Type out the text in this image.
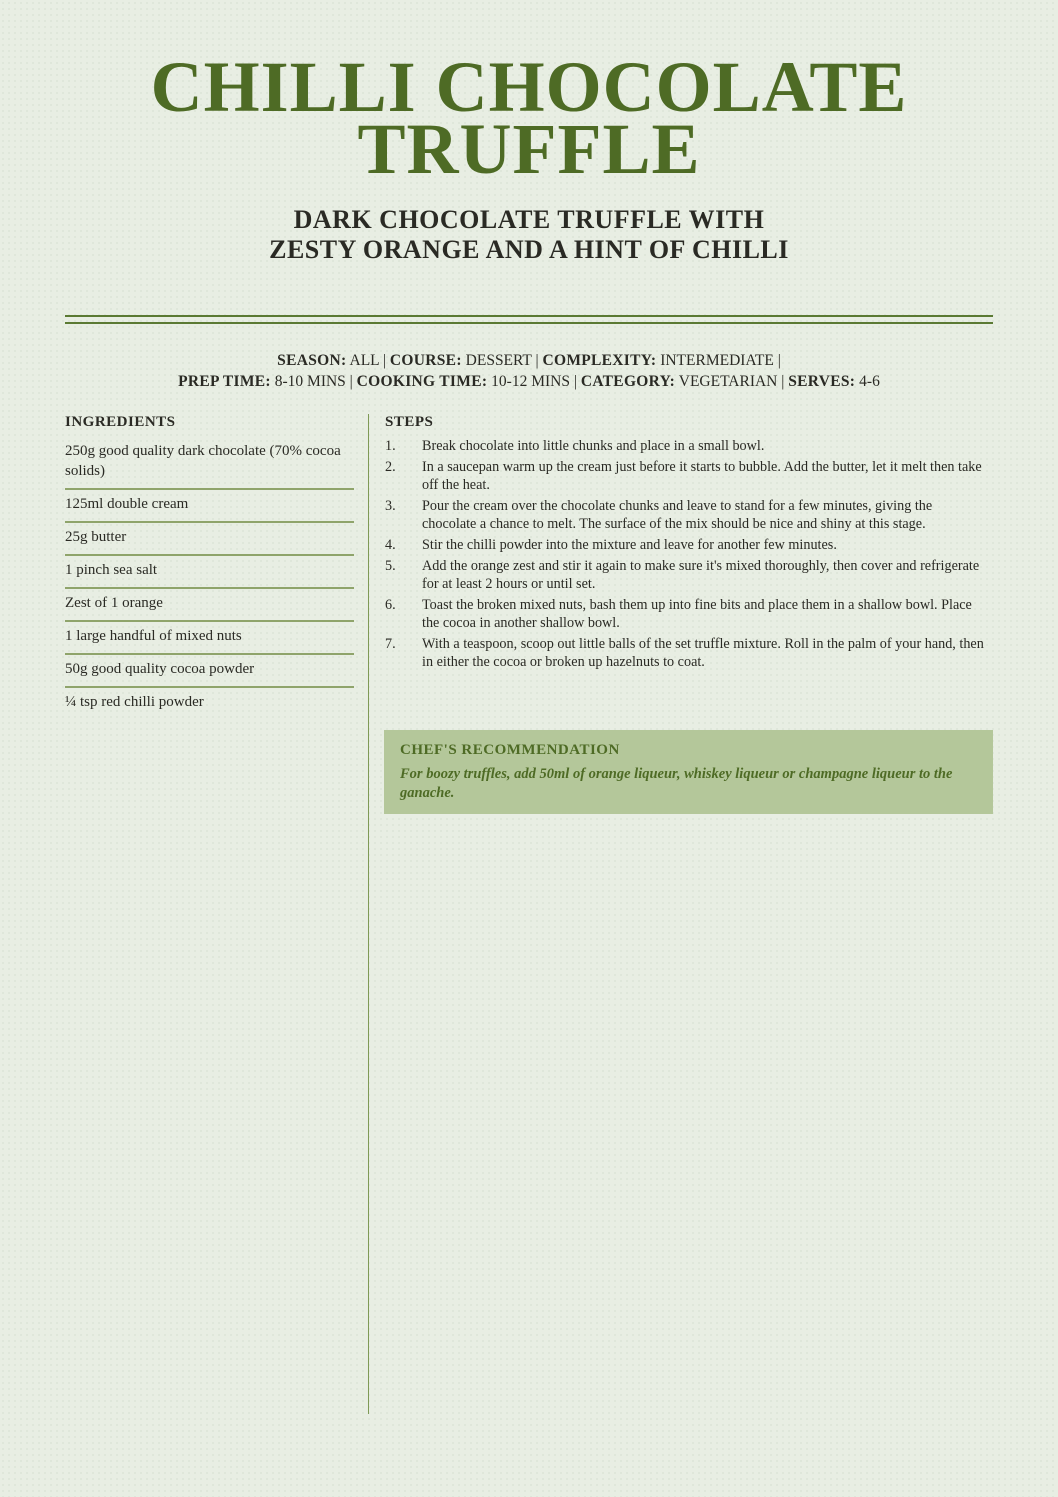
CHILLI CHOCOLATE
TRUFFLE
DARK CHOCOLATE TRUFFLE WITH
ZESTY ORANGE AND A HINT OF CHILLI
SEASON: ALL | COURSE: DESSERT | COMPLEXITY: INTERMEDIATE |
PREP TIME: 8-10 MINS | COOKING TIME: 10-12 MINS | CATEGORY: VEGETARIAN | SERVES: 4-6
INGREDIENTS
250g good quality dark chocolate (70% cocoa solids)
125ml double cream
25g butter
1 pinch sea salt
Zest of 1 orange
1 large handful of mixed nuts
50g good quality cocoa powder
¼ tsp red chilli powder
STEPS
1. Break chocolate into little chunks and place in a small bowl.
2. In a saucepan warm up the cream just before it starts to bubble. Add the butter, let it melt then take off the heat.
3. Pour the cream over the chocolate chunks and leave to stand for a few minutes, giving the chocolate a chance to melt. The surface of the mix should be nice and shiny at this stage.
4. Stir the chilli powder into the mixture and leave for another few minutes.
5. Add the orange zest and stir it again to make sure it's mixed thoroughly, then cover and refrigerate for at least 2 hours or until set.
6. Toast the broken mixed nuts, bash them up into fine bits and place them in a shallow bowl. Place the cocoa in another shallow bowl.
7. With a teaspoon, scoop out little balls of the set truffle mixture. Roll in the palm of your hand, then in either the cocoa or broken up hazelnuts to coat.
CHEF'S RECOMMENDATION
For boozy truffles, add 50ml of orange liqueur, whiskey liqueur or champagne liqueur to the ganache.
